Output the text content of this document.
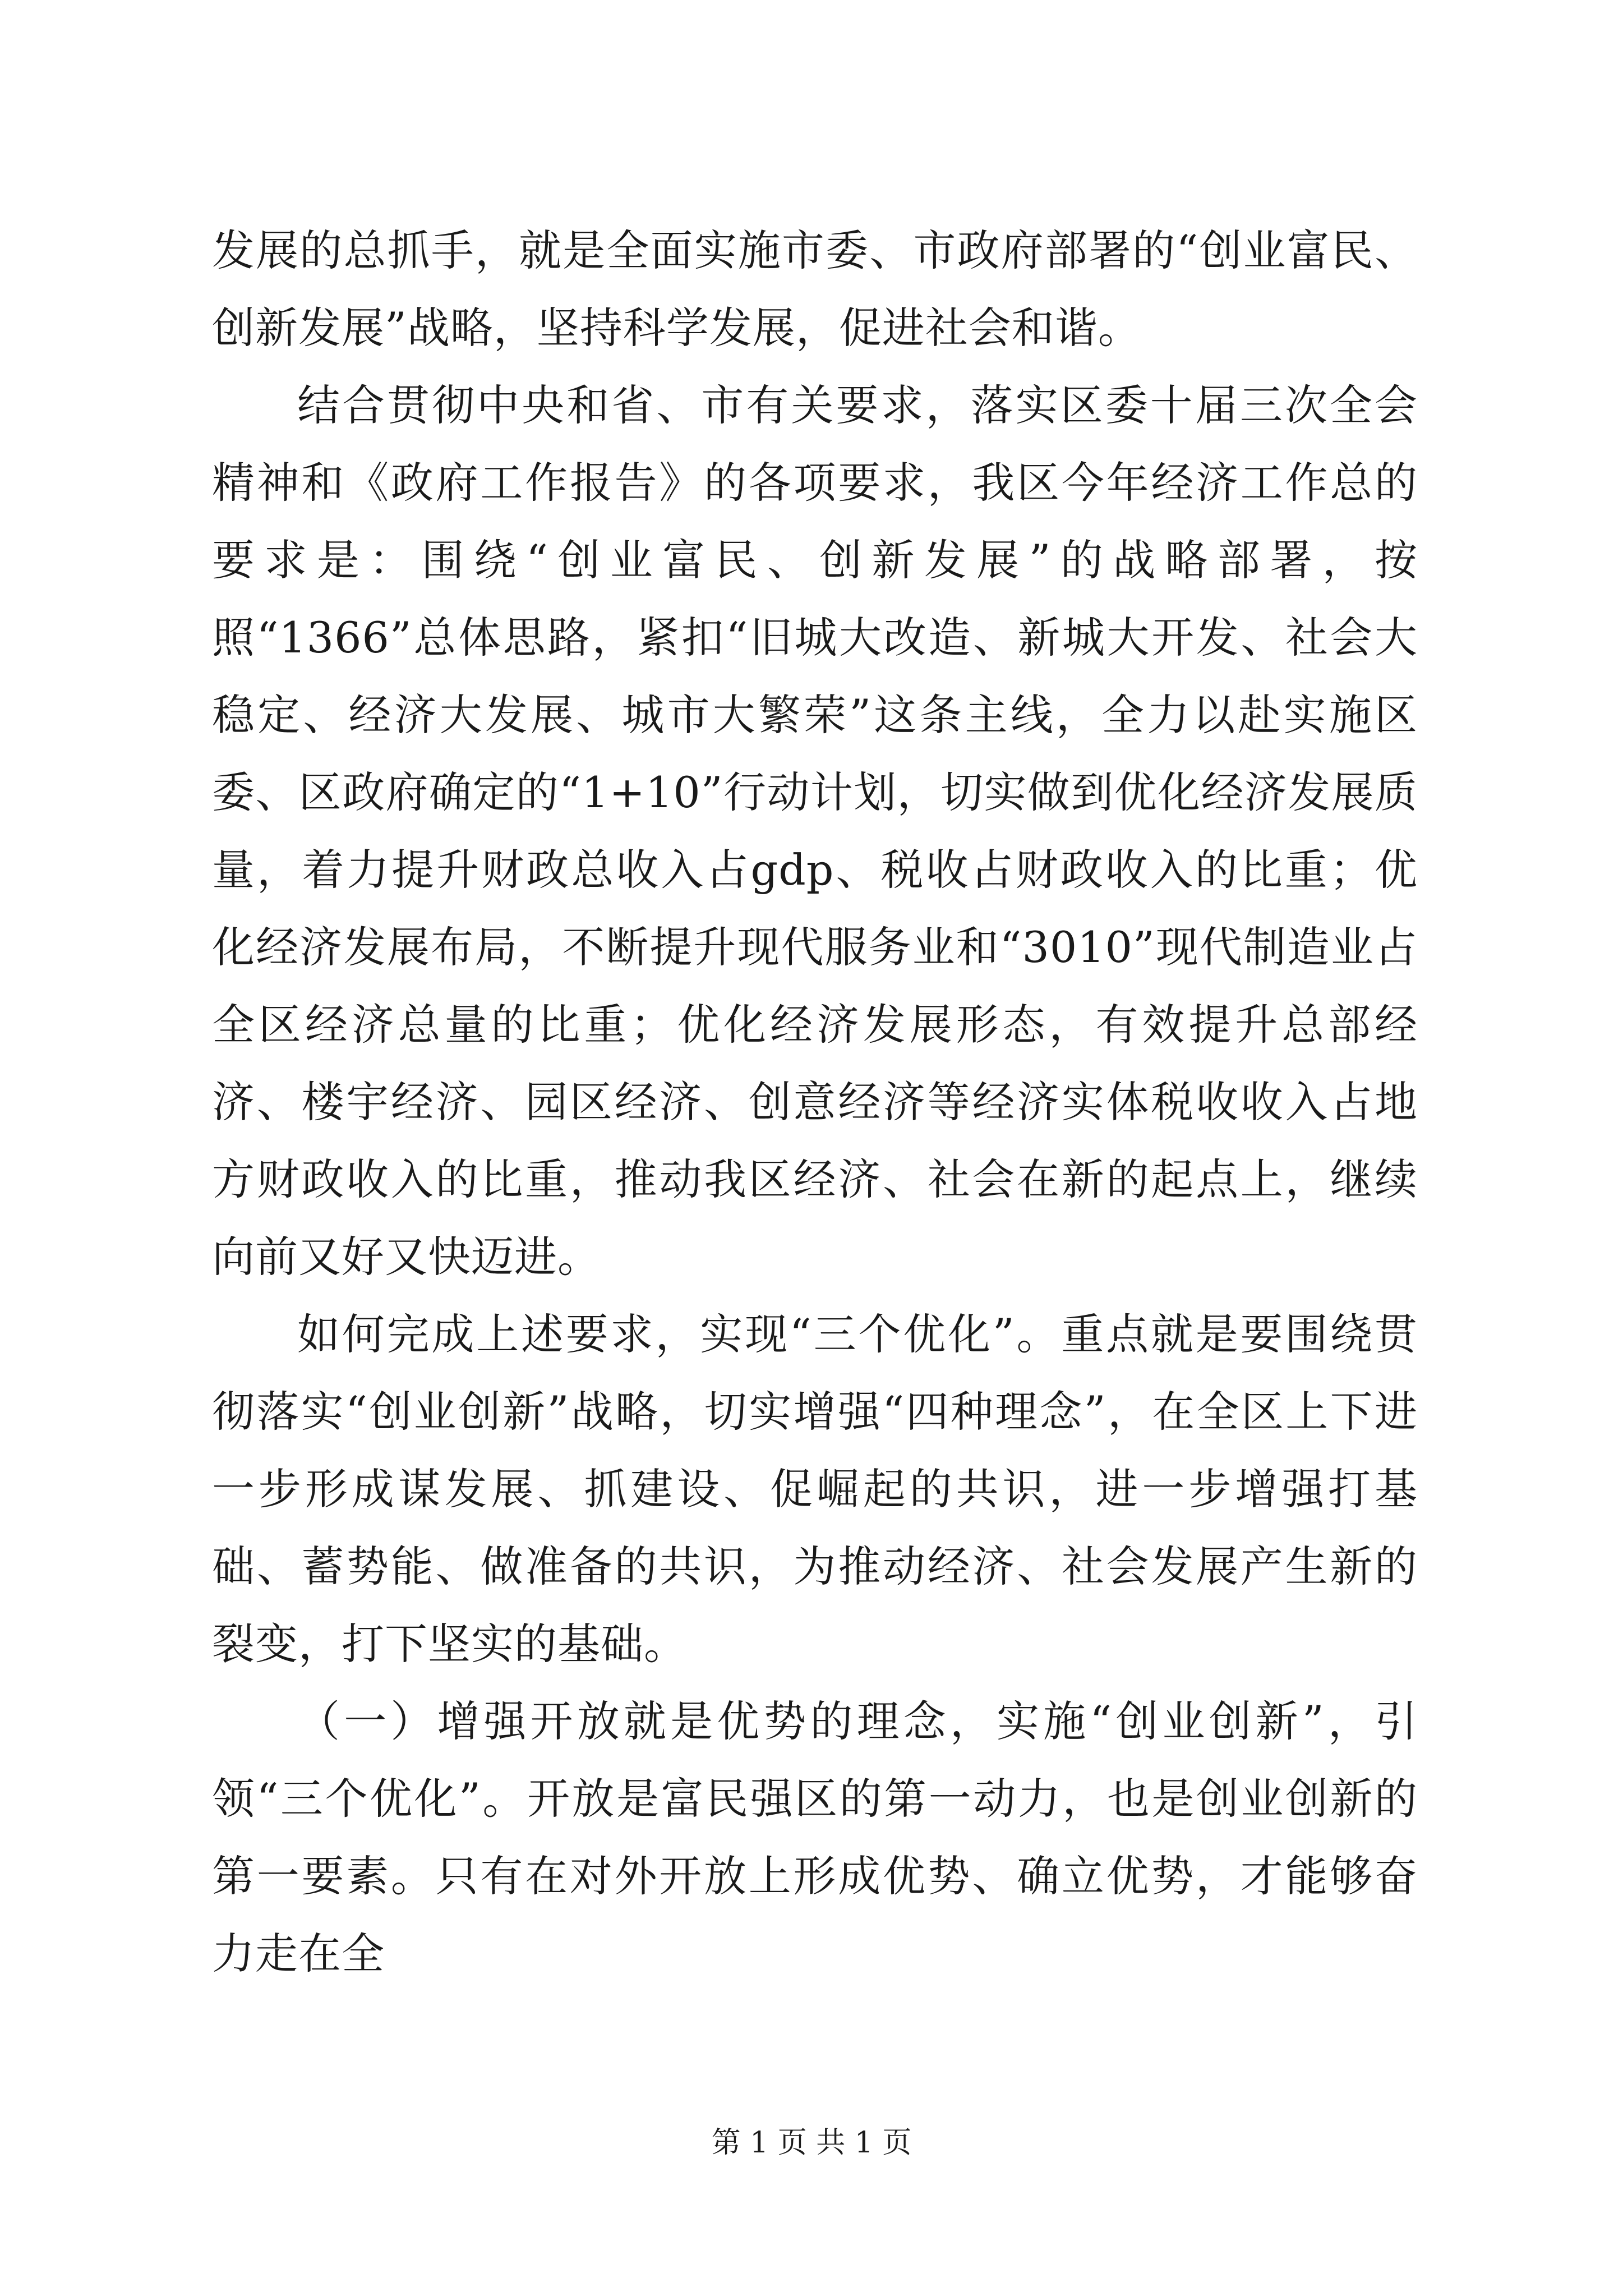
发展的总抓手，就是全面实施市委、市政府部署的“创业富民、创新发展”战略，坚持科学发展，促进社会和谐。

结合贯彻中央和省、市有关要求，落实区委十届三次全会精神和《政府工作报告》的各项要求，我区今年经济工作总的要求是：围绕“创业富民、创新发展”的战略部署，按照“1366”总体思路，紧扣“旧城大改造、新城大开发、社会大稳定、经济大发展、城市大繁荣”这条主线，全力以赴实施区委、区政府确定的“1+10”行动计划，切实做到优化经济发展质量，着力提升财政总收入占gdp、税收占财政收入的比重；优化经济发展布局，不断提升现代服务业和“3010”现代制造业占全区经济总量的比重；优化经济发展形态，有效提升总部经济、楼宇经济、园区经济、创意经济等经济实体税收收入占地方财政收入的比重，推动我区经济、社会在新的起点上，继续向前又好又快迈进。

如何完成上述要求，实现“三个优化”。重点就是要围绕贯彻落实“创业创新”战略，切实增强“四种理念”，在全区上下进一步形成谋发展、抓建设、促崛起的共识，进一步增强打基础、蓄势能、做准备的共识，为推动经济、社会发展产生新的裂变，打下坚实的基础。

（一）增强开放就是优势的理念，实施“创业创新”，引领“三个优化”。开放是富民强区的第一动力，也是创业创新的第一要素。只有在对外开放上形成优势、确立优势，才能够奋力走在全

第 1 页 共 1 页
